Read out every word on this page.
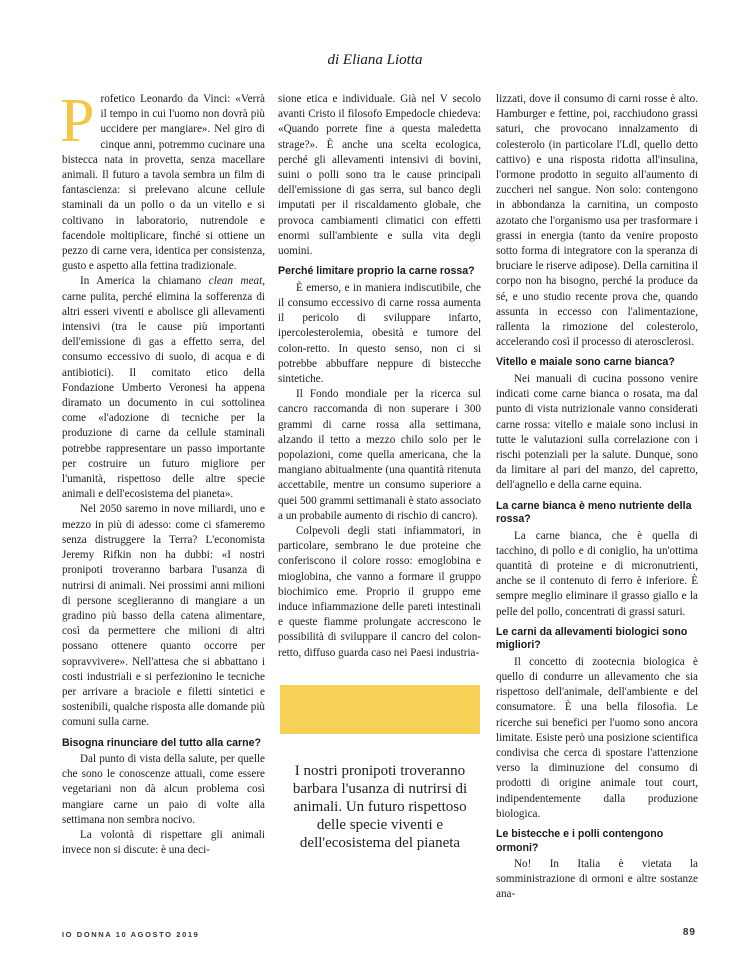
di Eliana Liotta

Profetico Leonardo da Vinci: «Verrà il tempo in cui l'uomo non dovrà più uccidere per mangiare». Nel giro di cinque anni, potremmo cucinare una bistecca nata in provetta, senza macellare animali. Il futuro a tavola sembra un film di fantascienza: si prelevano alcune cellule staminali da un pollo o da un vitello e si coltivano in laboratorio, nutrendole e facendole moltiplicare, finché si ottiene un pezzo di carne vera, identica per consistenza, gusto e aspetto alla fettina tradizionale.

In America la chiamano clean meat, carne pulita, perché elimina la sofferenza di altri esseri viventi e abolisce gli allevamenti intensivi (tra le cause più importanti dell'emissione di gas a effetto serra, del consumo eccessivo di suolo, di acqua e di antibiotici). Il comitato etico della Fondazione Umberto Veronesi ha appena diramato un documento in cui sottolinea come «l'adozione di tecniche per la produzione di carne da cellule staminali potrebbe rappresentare un passo importante per costruire un futuro migliore per l'umanità, rispettoso delle altre specie animali e dell'ecosistema del pianeta».

Nel 2050 saremo in nove miliardi, uno e mezzo in più di adesso: come ci sfameremo senza distruggere la Terra? L'economista Jeremy Rifkin non ha dubbi: «I nostri pronipoti troveranno barbara l'usanza di nutrirsi di animali. Nei prossimi anni milioni di persone sceglieranno di mangiare a un gradino più basso della catena alimentare, così da permettere che milioni di altri possano ottenere quanto occorre per sopravvivere». Nell'attesa che si abbattano i costi industriali e si perfezionino le tecniche per arrivare a braciole e filetti sintetici e sostenibili, qualche risposta alle domande più comuni sulla carne.

Bisogna rinunciare del tutto alla carne?

Dal punto di vista della salute, per quelle che sono le conoscenze attuali, come essere vegetariani non dà alcun problema così mangiare carne un paio di volte alla settimana non sembra nocivo.

La volontà di rispettare gli animali invece non si discute: è una deci-

sione etica e individuale. Già nel V secolo avanti Cristo il filosofo Empedocle chiedeva: «Quando porrete fine a questa maledetta strage?». È anche una scelta ecologica, perché gli allevamenti intensivi di bovini, suini o polli sono tra le cause principali dell'emissione di gas serra, sul banco degli imputati per il riscaldamento globale, che provoca cambiamenti climatici con effetti enormi sull'ambiente e sulla vita degli uomini.

Perché limitare proprio la carne rossa?

È emerso, e in maniera indiscutibile, che il consumo eccessivo di carne rossa aumenta il pericolo di sviluppare infarto, ipercolesterolemia, obesità e tumore del colon-retto. In questo senso, non ci si potrebbe abbuffare neppure di bistecche sintetiche.

Il Fondo mondiale per la ricerca sul cancro raccomanda di non superare i 300 grammi di carne rossa alla settimana, alzando il tetto a mezzo chilo solo per le popolazioni, come quella americana, che la mangiano abitualmente (una quantità ritenuta accettabile, mentre un consumo superiore a quei 500 grammi settimanali è stato associato a un probabile aumento di rischio di cancro).

Colpevoli degli stati infiammatori, in particolare, sembrano le due proteine che conferiscono il colore rosso: emoglobina e mioglobina, che vanno a formare il gruppo biochimico eme. Proprio il gruppo eme induce infiammazione delle pareti intestinali e queste fiamme prolungate accrescono le possibilità di sviluppare il cancro del colon-retto, diffuso guarda caso nei Paesi industria-

I nostri pronipoti troveranno barbara l'usanza di nutrirsi di animali. Un futuro rispettoso delle specie viventi e dell'ecosistema del pianeta

lizzati, dove il consumo di carni rosse è alto. Hamburger e fettine, poi, racchiudono grassi saturi, che provocano innalzamento di colesterolo (in particolare l'Ldl, quello detto cattivo) e una risposta ridotta all'insulina, l'ormone prodotto in seguito all'aumento di zuccheri nel sangue. Non solo: contengono in abbondanza la carnitina, un composto azotato che l'organismo usa per trasformare i grassi in energia (tanto da venire proposto sotto forma di integratore con la speranza di bruciare le riserve adipose). Della carnitina il corpo non ha bisogno, perché la produce da sé, e uno studio recente prova che, quando assunta in eccesso con l'alimentazione, rallenta la rimozione del colesterolo, accelerando così il processo di aterosclerosi.

Vitello e maiale sono carne bianca?

Nei manuali di cucina possono venire indicati come carne bianca o rosata, ma dal punto di vista nutrizionale vanno considerati carne rossa: vitello e maiale sono inclusi in tutte le valutazioni sulla correlazione con i rischi potenziali per la salute. Dunque, sono da limitare al pari del manzo, del capretto, dell'agnello e della carne equina.

La carne bianca è meno nutriente della rossa?

La carne bianca, che è quella di tacchino, di pollo e di coniglio, ha un'ottima quantità di proteine e di micronutrienti, anche se il contenuto di ferro è inferiore. È sempre meglio eliminare il grasso giallo e la pelle del pollo, concentrati di grassi saturi.

Le carni da allevamenti biologici sono migliori?

Il concetto di zootecnia biologica è quello di condurre un allevamento che sia rispettoso dell'animale, dell'ambiente e del consumatore. È una bella filosofia. Le ricerche sui benefici per l'uomo sono ancora limitate. Esiste però una posizione scientifica condivisa che cerca di spostare l'attenzione verso la diminuzione del consumo di prodotti di origine animale tout court, indipendentemente dalla produzione biologica.

Le bistecche e i polli contengono ormoni?

No! In Italia è vietata la somministrazione di ormoni e altre sostanze ana-

IO DONNA 10 AGOSTO 2019	89
